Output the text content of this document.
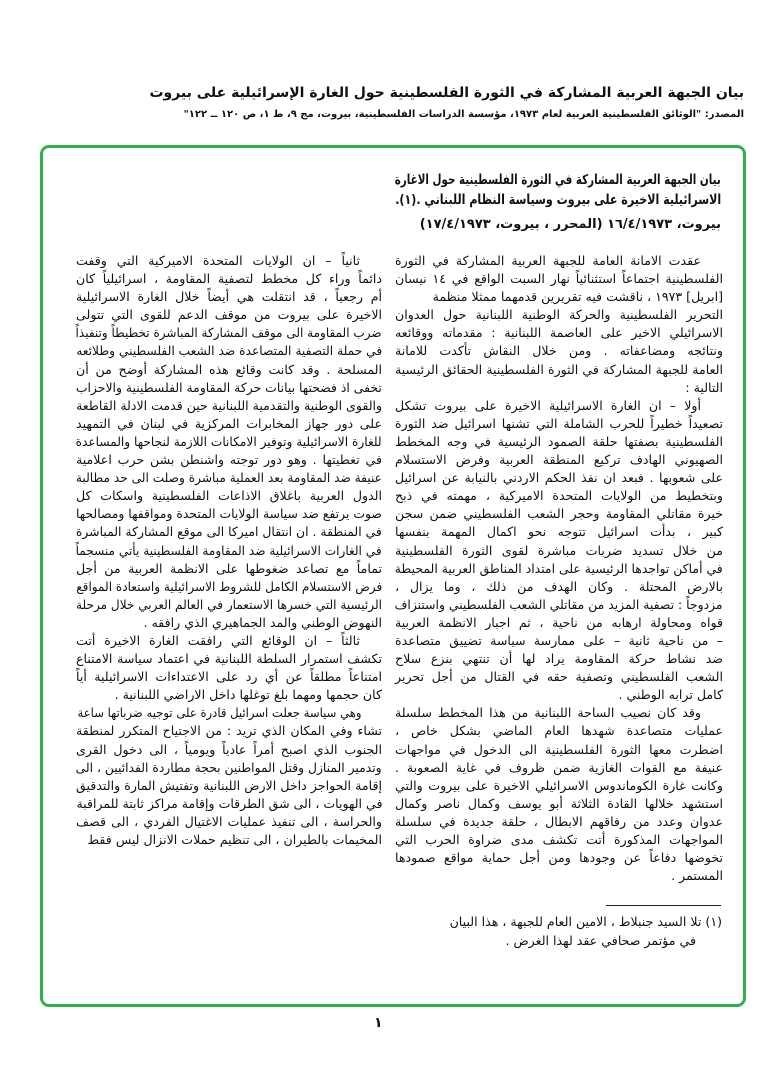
بيان الجبهة العربية المشاركة في الثورة الفلسطينية حول الغارة الإسرائيلية على بيروت
المصدر: "الوثائق الفلسطينية العربية لعام ١٩٧٣، مؤسسة الدراسات الفلسطينية، بيروت، مج ٩، ط ١، ص ١٢٠ ــ ١٢٢"
بيان الجبهة العربية المشاركة في الثورة الفلسطينية حول الاغارة
الاسرائيلية الاخيرة على بيروت وسياسة النظام اللبناني .(١).
بيروت، ١٦/٤/١٩٧٣ (المحرر ، بيروت، ١٧/٤/١٩٧٣)
عقدت الامانة العامة للجبهة العربية المشاركة في الثورة
الفلسطينية اجتماعاً استثنائياً نهار السبت الواقع في ١٤ نيسان
[ابريل] ١٩٧٣ ، ناقشت فيه تقريرين قدمهما ممثلا منظمة
التحرير الفلسطينية والحركة الوطنية اللبنانية حول العدوان
الاسرائيلي الاخير على العاصمة اللبنانية : مقدماته ووقائعه
ونتائجه ومضاعفاته . ومن خلال النقاش تأكدت للامانة
العامة للجبهة المشاركة في الثورة الفلسطينية الحقائق الرئيسية
التالية :
أولا – ان الغارة الاسرائيلية الاخيرة على بيروت تشكل
تصعيداً خطيراً للحرب الشاملة التي تشنها اسرائيل ضد الثورة
الفلسطينية بصفتها حلقة الصمود الرئيسية في وجه المخطط
الصهيوني الهادف تركيع المنطقة العربية وفرض الاستسلام
على شعوبها . فبعد ان نفذ الحكم الاردني بالنيابة عن اسرائيل
وبتخطيط من الولايات المتحدة الاميركية ، مهمته في ذبح
خيرة مقاتلي المقاومة وحجر الشعب الفلسطيني ضمن سجن
كبير ، بدأت اسرائيل تتوجه نحو اكمال المهمة بنفسها
من خلال تسديد ضربات مباشرة لقوى الثورة الفلسطينية
في أماكن تواجدها الرئيسية على امتداد المناطق العربية المحيطة
بالارض المحتلة . وكان الهدف من ذلك ، وما يزال ،
مزدوجاً : تصفية المزيد من مقاتلي الشعب الفلسطيني واستنزاف
قواه ومحاولة ارهابه من ناحية ، ثم اجبار الانظمة العربية
– من ناحية ثانية – على ممارسة سياسة تضييق متصاعدة
ضد نشاط حركة المقاومة يراد لها أن تنتهي بنزع سلاح
الشعب الفلسطيني وتصفية حقه في القتال من أجل تحرير
كامل ترابه الوطني .
وقد كان نصيب الساحة اللبنانية من هذا المخطط سلسلة
عمليات متصاعدة شهدها العام الماضي بشكل خاص ،
اضطرت معها الثورة الفلسطينية الى الدخول في مواجهات
عنيفة مع القوات الغازية ضمن ظروف في غاية الصعوبة .
وكانت غارة الكوماندوس الاسرائيلي الاخيرة على بيروت والتي
استشهد خلالها القادة الثلاثة أبو يوسف وكمال ناصر وكمال
عدوان وعدد من رفاقهم الابطال ، حلقة جديدة في سلسلة
المواجهات المذكورة أتت تكشف مدى ضراوة الحرب التي
تخوضها دفاعاً عن وجودها ومن أجل حماية مواقع صمودها
المستمر .
ثانياً – ان الولايات المتحدة الاميركية التي وقفت
دائماً وراء كل مخطط لتصفية المقاومة ، اسرائيلياً كان
أم رجعياً ، قد انتقلت هي أيضاً خلال الغارة الاسرائيلية
الاخيرة على بيروت من موقف الدعم للقوى التي تتولى
ضرب المقاومة الى موقف المشاركة المباشرة تخطيطاً وتنفيذاً
في حملة التصفية المتصاعدة ضد الشعب الفلسطيني وطلائعه
المسلحة . وقد كانت وقائع هذه المشاركة أوضح من أن
تخفى اذ فضحتها بيانات حركة المقاومة الفلسطينية والاحزاب
والقوى الوطنية والتقدمية اللبنانية حين قدمت الادلة القاطعة
على دور جهاز المخابرات المركزية في لبنان في التمهيد
للغارة الاسرائيلية وتوفير الامكانات اللازمة لنجاحها والمساعدة
في تغطيتها . وهو دور توجته واشنطن بشن حرب اعلامية
عنيفة ضد المقاومة بعد العملية مباشرة وصلت الى حد مطالبة
الدول العربية باغلاق الاذاعات الفلسطينية واسكات كل
صوت يرتفع ضد سياسة الولايات المتحدة ومواقفها ومصالحها
في المنطقة . ان انتقال اميركا الى موقع المشاركة المباشرة
في الغارات الاسرائيلية ضد المقاومة الفلسطينية يأتي منسجماً
تماماً مع تصاعد ضغوطها على الانظمة العربية من أجل
فرض الاستسلام الكامل للشروط الاسرائيلية واستعادة المواقع
الرئيسية التي خسرها الاستعمار في العالم العربي خلال مرحلة
النهوض الوطني والمد الجماهيري الذي رافقه .
ثالثاً – ان الوقائع التي رافقت الغارة الاخيرة أتت
تكشف استمرار السلطة اللبنانية في اعتماد سياسة الامتناع
امتناعاً مطلقاً عن أي رد على الاعتداءات الاسرائيلية أياً
كان حجمها ومهما بلغ توغلها داخل الاراضي اللبنانية .
وهي سياسة جعلت اسرائيل قادرة على توجيه ضرباتها ساعة
تشاء وفي المكان الذي تريد : من الاجتياح المتكرر لمنطقة
الجنوب الذي اصبح أمراً عادياً ويومياً ، الى دخول القرى
وتدمير المنازل وقتل المواطنين بحجة مطاردة الفدائيين ، الى
إقامة الحواجز داخل الارض اللبنانية وتفتيش المارة والتدقيق
في الهويات ، الى شق الطرقات وإقامة مراكز ثابتة للمراقبة
والحراسة ، الى تنفيذ عمليات الاغتيال الفردي ، الى قصف
المخيمات بالطيران ، الى تنظيم حملات الانزال ليس فقط
(١) تلا السيد جنبلاط ، الامين العام للجبهة ، هذا البيان
في مؤتمر صحافي عقد لهذا الغرض .
١
